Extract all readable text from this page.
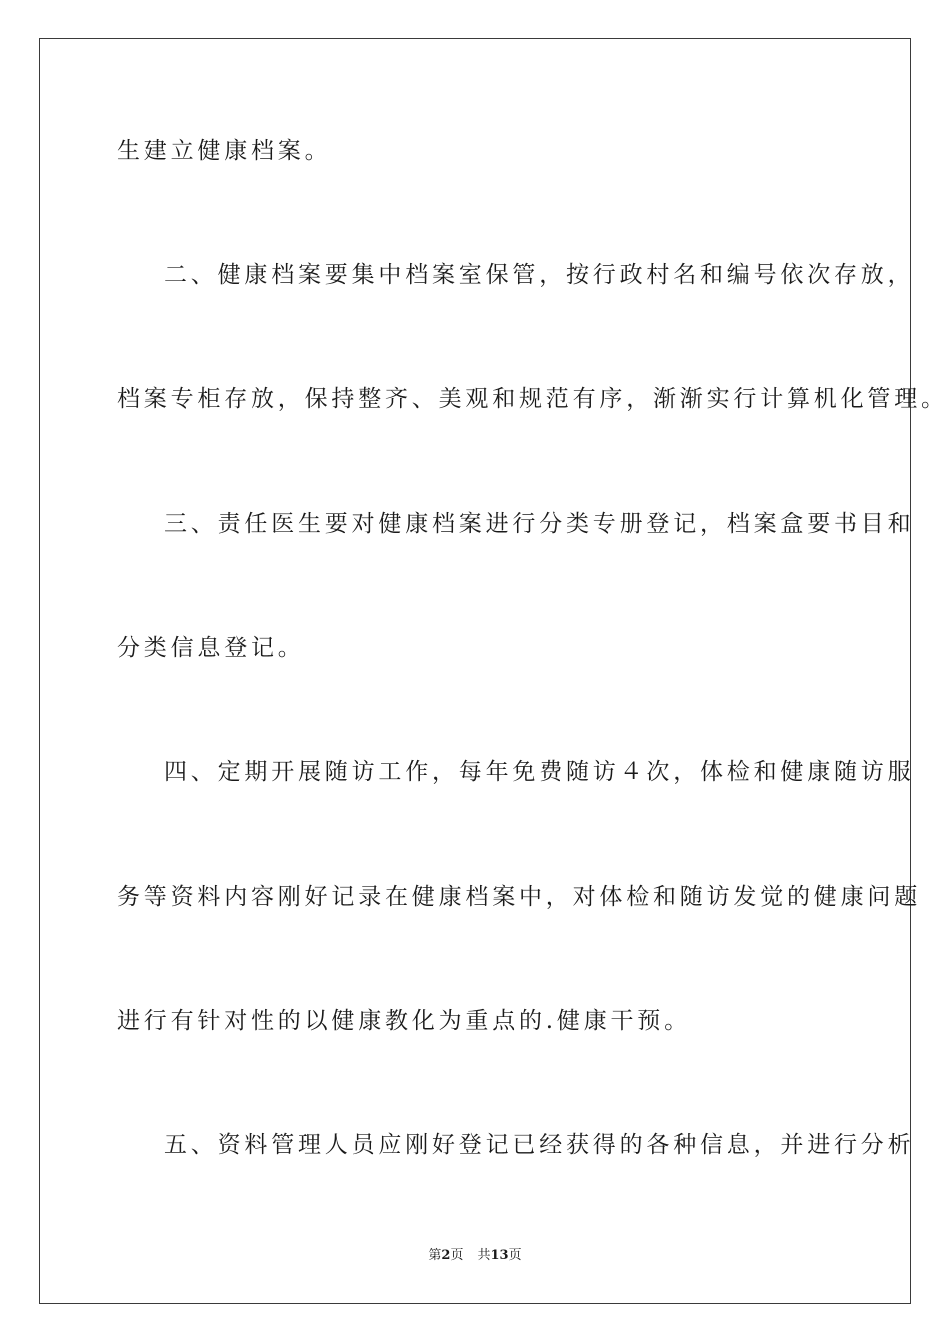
生建立健康档案。
二、健康档案要集中档案室保管，按行政村名和编号依次存放，
档案专柜存放，保持整齐、美观和规范有序，渐渐实行计算机化管理。
三、责任医生要对健康档案进行分类专册登记，档案盒要书目和
分类信息登记。
四、定期开展随访工作，每年免费随访４次，体检和健康随访服
务等资料内容刚好记录在健康档案中，对体检和随访发觉的健康问题
进行有针对性的以健康教化为重点的.健康干预。
五、资料管理人员应刚好登记已经获得的各种信息，并进行分析
第2页 共13页
